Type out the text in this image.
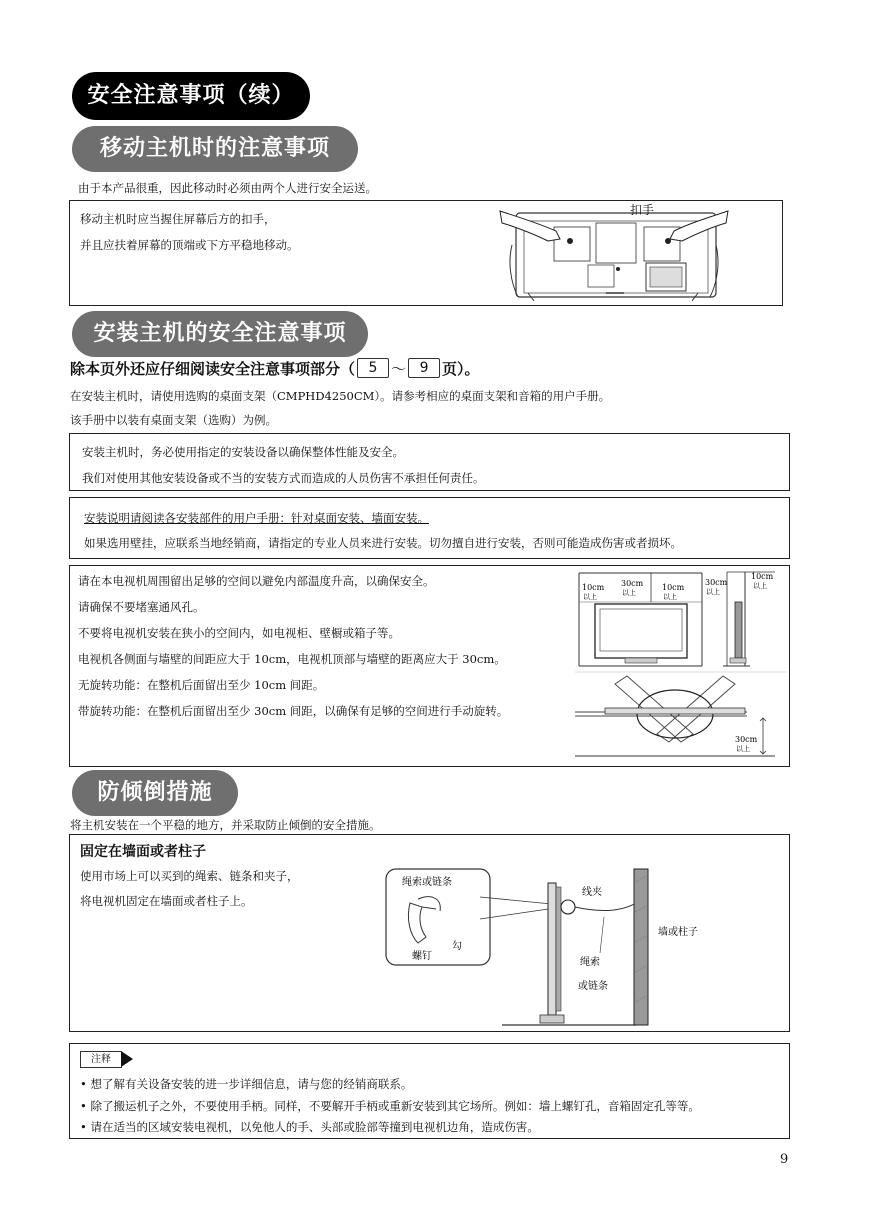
安全注意事项（续）
移动主机时的注意事项
由于本产品很重，因此移动时必须由两个人进行安全运送。
移动主机时应当握住屏幕后方的扣手，
并且应扶着屏幕的顶端或下方平稳地移动。
扣手
安装主机的安全注意事项
除本页外还应仔细阅读安全注意事项部分（ 5 ～ 9 页）。
在安装主机时，请使用选购的桌面支架（CMPHD4250CM）。请参考相应的桌面支架和音箱的用户手册。
该手册中以装有桌面支架（选购）为例。
安装主机时，务必使用指定的安装设备以确保整体性能及安全。
我们对使用其他安装设备或不当的安装方式而造成的人员伤害不承担任何责任。
安装说明请阅读各安装部件的用户手册：针对桌面安装、墙面安装。
如果选用壁挂，应联系当地经销商，请指定的专业人员来进行安装。切勿擅自进行安装，否则可能造成伤害或者损坏。
请在本电视机周围留出足够的空间以避免内部温度升高，以确保安全。
请确保不要堵塞通风孔。
不要将电视机安装在狭小的空间内，如电视柜、壁橱或箱子等。
电视机各侧面与墙壁的间距应大于 10cm，电视机顶部与墙壁的距离应大于 30cm。
无旋转功能：在整机后面留出至少 10cm 间距。
带旋转功能：在整机后面留出至少 30cm 间距，以确保有足够的空间进行手动旋转。
10cm
以上
30cm
以上
10cm
以上
30cm
以上
10cm
以上
30cm
以上
防倾倒措施
将主机安装在一个平稳的地方，并采取防止倾倒的安全措施。
固定在墙面或者柱子
使用市场上可以买到的绳索、链条和夹子，
将电视机固定在墙面或者柱子上。
绳索或链条
螺钉
勾
线夹
墙或柱子
绳索
或链条
注释
• 想了解有关设备安装的进一步详细信息，请与您的经销商联系。
• 除了搬运机子之外，不要使用手柄。同样，不要解开手柄或重新安装到其它场所。例如：墙上螺钉孔，音箱固定孔等等。
• 请在适当的区域安装电视机，以免他人的手、头部或脸部等撞到电视机边角，造成伤害。
9
